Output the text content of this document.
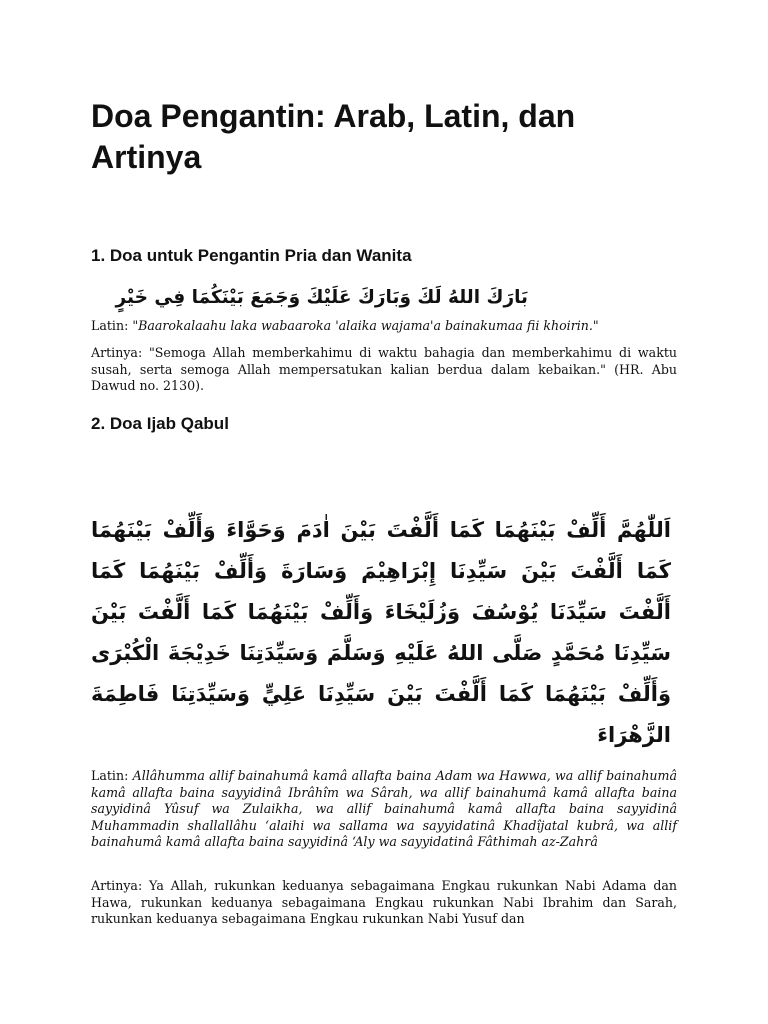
Doa Pengantin: Arab, Latin, dan Artinya
1. Doa untuk Pengantin Pria dan Wanita

بَارَكَ اللهُ لَكَ وَبَارَكَ عَلَيْكَ وَجَمَعَ بَيْنَكُمَا فِي خَيْرٍ

Latin: "Baarokalaahu laka wabaaroka 'alaika wajama'a bainakumaa fii khoirin."

Artinya: "Semoga Allah memberkahimu di waktu bahagia dan memberkahimu di waktu susah, serta semoga Allah mempersatukan kalian berdua dalam kebaikan." (HR. Abu Dawud no. 2130).

2. Doa Ijab Qabul

اَللّٰهُمَّ أَلِّفْ بَيْنَهُمَا كَمَا أَلَّفْتَ بَيْنَ اٰدَمَ وَحَوَّاءَ وَأَلِّفْ بَيْنَهُمَا كَمَا أَلَّفْتَ بَيْنَ سَيِّدِنَا إِبْرَاهِيْمَ وَسَارَةَ وَأَلِّفْ بَيْنَهُمَا كَمَا أَلَّفْتَ سَيِّدَنَا يُوْسُفَ وَزُلَيْخَاءَ وَأَلِّفْ بَيْنَهُمَا كَمَا أَلَّفْتَ بَيْنَ سَيِّدِنَا مُحَمَّدٍ صَلَّى اللهُ عَلَيْهِ وَسَلَّمَ وَسَيِّدَتِنَا خَدِيْجَةَ الْكُبْرَى وَأَلِّفْ بَيْنَهُمَا كَمَا أَلَّفْتَ بَيْنَ سَيِّدِنَا عَلِيٍّ وَسَيِّدَتِنَا فَاطِمَةَ الزَّهْرَاءَ

Latin: Allâhumma allif bainahumâ kamâ allafta baina Adam wa Hawwa, wa allif bainahumâ kamâ allafta baina sayyidinâ Ibrâhîm wa Sârah, wa allif bainahumâ kamâ allafta baina sayyidinâ Yûsuf wa Zulaikha, wa allif bainahumâ kamâ allafta baina sayyidinâ Muhammadin shallallâhu ‘alaihi wa sallama wa sayyidatinâ Khadîjatal kubrâ, wa allif bainahumâ kamâ allafta baina sayyidinâ ‘Aly wa sayyidatinâ Fâthimah az-Zahrâ

Artinya: Ya Allah, rukunkan keduanya sebagaimana Engkau rukunkan Nabi Adama dan Hawa, rukunkan keduanya sebagaimana Engkau rukunkan Nabi Ibrahim dan Sarah, rukunkan keduanya sebagaimana Engkau rukunkan Nabi Yusuf dan
